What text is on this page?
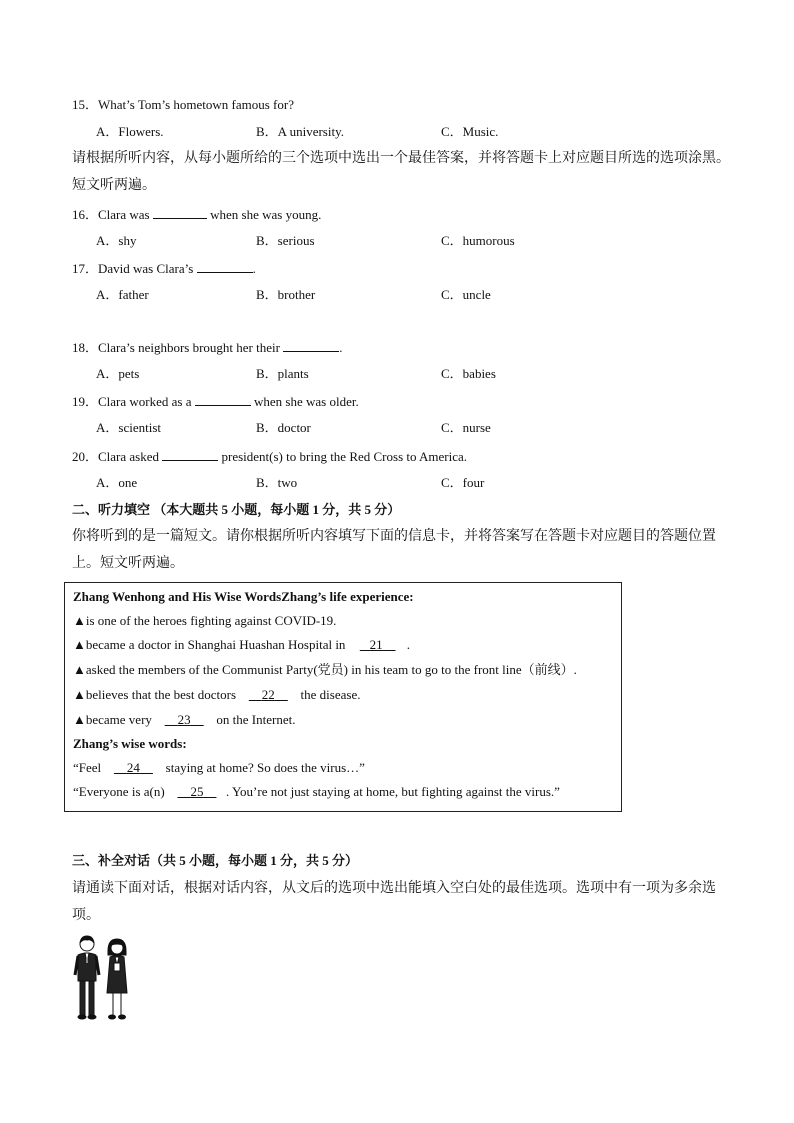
15．What’s Tom’s hometown famous for?
A．Flowers.	B．A university.	C．Music.
请根据所听内容，从每小题所给的三个选项中选出一个最佳答案，并将答题卡上对应题目所选的选项涂黑。
短文听两遍。
16．Clara was	when she was young.
A．shy	B．serious	C．humorous
17．David was Clara’s	.
A．father	B．brother	C．uncle
18．Clara’s neighbors brought her their	.
A．pets	B．plants	C．babies
19．Clara worked as a	when she was older.
A．scientist	B．doctor	C．nurse
20．Clara asked	president(s) to bring the Red Cross to America.
A．one	B．two	C．four
二、听力填空 （本大题共 5 小题，每小题 1 分，共 5 分）
你将听到的是一篇短文。请你根据所听内容填写下面的信息卡，并将答案写在答题卡对应题目的答题位置
上。短文听两遍。
Zhang Wenhong and His Wise WordsZhang’s life experience:
▲is one of the heroes fighting against COVID-19.
▲became a doctor in Shanghai Huashan Hospital in    21 .
▲asked the members of the Communist Party(党员) in his team to go to the front line（前线）.
▲believes that the best doctors     22     the disease.
▲became very     23     on the Internet.
Zhang’s wise words:
“Feel     24     staying at home? So does the virus…”
“Everyone is a(n)     25 . You’re not just staying at home, but fighting against the virus.”
三、补全对话（共 5 小题，每小题 1 分，共 5 分）
请通读下面对话，根据对话内容，从文后的选项中选出能填入空白处的最佳选项。选项中有一项为多余选
项。
